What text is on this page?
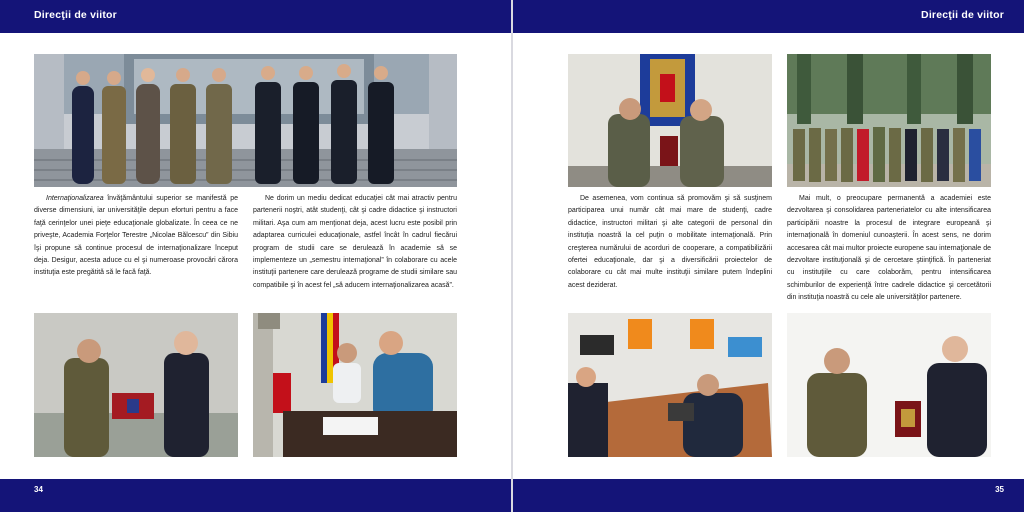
Direcţii de viitor

Internaţionalizarea învăţământului superior se manifestă pe diverse dimensiuni, iar universităţile depun eforturi pentru a face faţă cerinţelor unei pieţe educaţionale globalizate. În ceea ce ne priveşte, Academia Forţelor Terestre „Nicolae Bălcescu” din Sibiu îşi propune să continue procesul de internaţionalizare început deja. Desigur, acesta aduce cu el şi numeroase provocări cărora instituţia este pregătită să le facă faţă.

Ne dorim un mediu dedicat educaţiei cât mai atractiv pentru partenerii noştri, atât studenţi, cât şi cadre didactice şi instructori militari. Aşa cum am menţionat deja, acest lucru este posibil prin adaptarea curriculei educaţionale, astfel încât în cadrul fiecărui program de studii care se derulează în academie să se implementeze un „semestru internaţional” în colaborare cu acele instituţii partenere care derulează programe de studii similare sau compatibile şi în acest fel „să aducem internaţionalizarea acasă”.

34
Direcţii de viitor

De asemenea, vom continua să promovăm şi să susţinem participarea unui număr cât mai mare de studenţi, cadre didactice, instructori militari şi alte categorii de personal din instituţia noastră la cel puţin o mobilitate internaţională. Prin creşterea numărului de acorduri de cooperare, a compatibilizării ofertei educaţionale, dar şi a diversificării proiectelor de colaborare cu cât mai multe instituţii similare putem îndeplini acest deziderat.

Mai mult, o preocupare permanentă a academiei este dezvoltarea şi consolidarea parteneriatelor cu alte intensificarea participării noastre la procesul de integrare europeană şi internaţională în domeniul cunoaşterii. În acest sens, ne dorim accesarea cât mai multor proiecte europene sau internaţionale de dezvoltare instituţională şi de cercetare ştiinţifică. În parteneriat cu instituţiile cu care colaborăm, pentru intensificarea schimburilor de experienţă între cadrele didactice şi cercetătorii din instituţia noastră cu cele ale universităţilor partenere.

35
